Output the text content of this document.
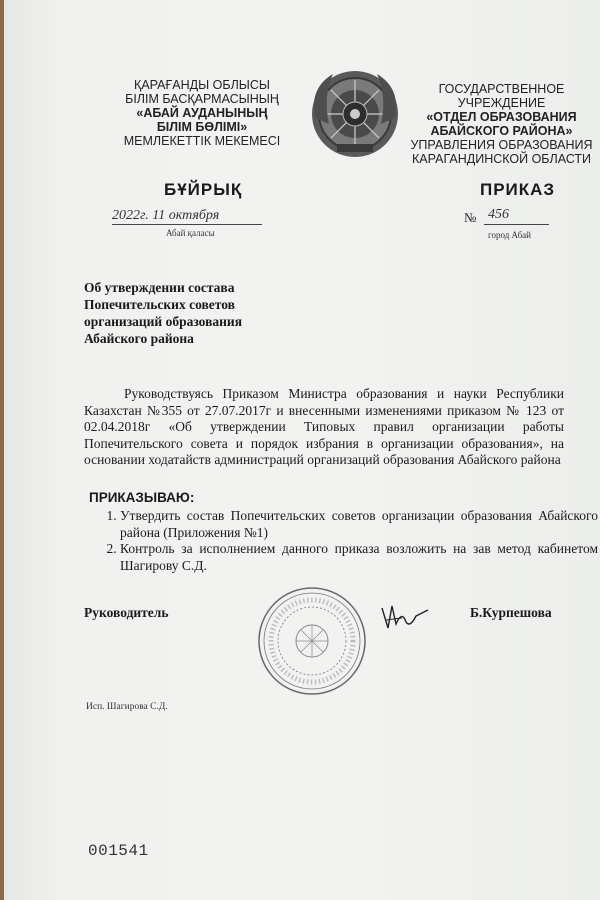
ҚАРАҒАНДЫ ОБЛЫСЫ
БІЛІМ БАСҚАРМАСЫНЫҢ
«АБАЙ АУДАНЫНЫҢ
БІЛІМ БӨЛІМІ»
МЕМЛЕКЕТТІК МЕКЕМЕСІ
ГОСУДАРСТВЕННОЕ УЧРЕЖДЕНИЕ
«ОТДЕЛ ОБРАЗОВАНИЯ
АБАЙСКОГО РАЙОНА»
УПРАВЛЕНИЯ ОБРАЗОВАНИЯ
КАРАГАНДИНСКОЙ ОБЛАСТИ
БҰЙРЫҚ	ПРИКАЗ
2022г. 11 октября
Абай қаласы
№ 456
город Абай
Об утверждении состава
Попечительских советов
организаций образования
Абайского района

Руководствуясь Приказом Министра образования и науки Республики Казахстан №355 от 27.07.2017г и внесенными изменениями приказом № 123 от 02.04.2018г «Об утверждении Типовых правил организации работы Попечительского совета и порядок избрания в организации образования», на основании ходатайств администраций организаций образования Абайского района

ПРИКАЗЫВАЮ:
1. Утвердить состав Попечительских советов организации образования Абайского района (Приложения №1)
2. Контроль за исполнением данного приказа возложить на зав метод кабинетом Шагирову С.Д.
Руководитель	Б.Курпешова
Исп. Шагирова С.Д.
001541
